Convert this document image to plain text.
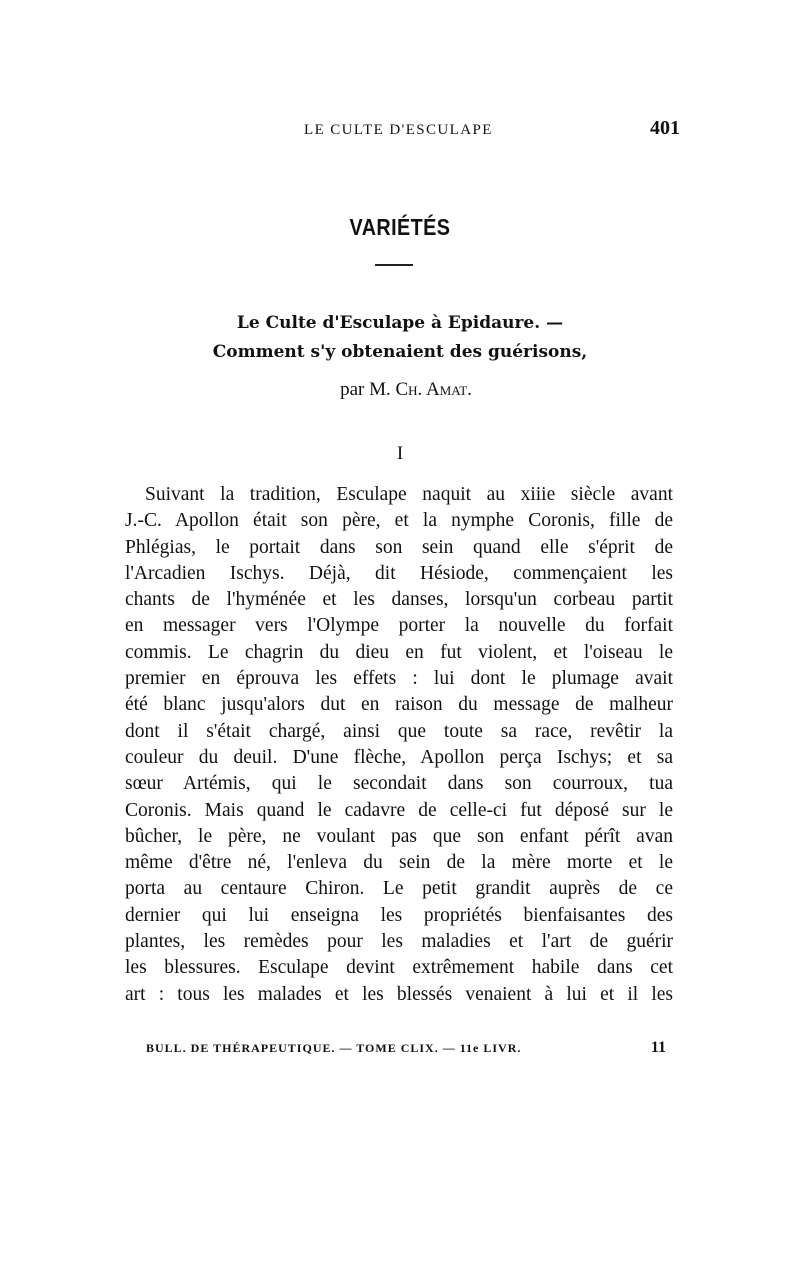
LE CULTE D'ESCULAPE	401
VARIÉTÉS
Le Culte d'Esculape à Epidaure. —
Comment s'y obtenaient des guérisons,
par M. Ch. Amat.
I
Suivant la tradition, Esculape naquit au xiiie siècle avant
J.-C. Apollon était son père, et la nymphe Coronis, fille de
Phlégias, le portait dans son sein quand elle s'éprit de
l'Arcadien Ischys. Déjà, dit Hésiode, commençaient les
chants de l'hyménée et les danses, lorsqu'un corbeau partit
en messager vers l'Olympe porter la nouvelle du forfait
commis. Le chagrin du dieu en fut violent, et l'oiseau le
premier en éprouva les effets : lui dont le plumage avait
été blanc jusqu'alors dut en raison du message de malheur
dont il s'était chargé, ainsi que toute sa race, revêtir la
couleur du deuil. D'une flèche, Apollon perça Ischys; et sa
sœur Artémis, qui le secondait dans son courroux, tua
Coronis. Mais quand le cadavre de celle-ci fut déposé sur le
bûcher, le père, ne voulant pas que son enfant pérît avan
même d'être né, l'enleva du sein de la mère morte et le
porta au centaure Chiron. Le petit grandit auprès de ce
dernier qui lui enseigna les propriétés bienfaisantes des
plantes, les remèdes pour les maladies et l'art de guérir
les blessures. Esculape devint extrêmement habile dans cet
art : tous les malades et les blessés venaient à lui et il les
BULL. DE THÉRAPEUTIQUE. — TOME CLIX. — 11e LIVR.	11
